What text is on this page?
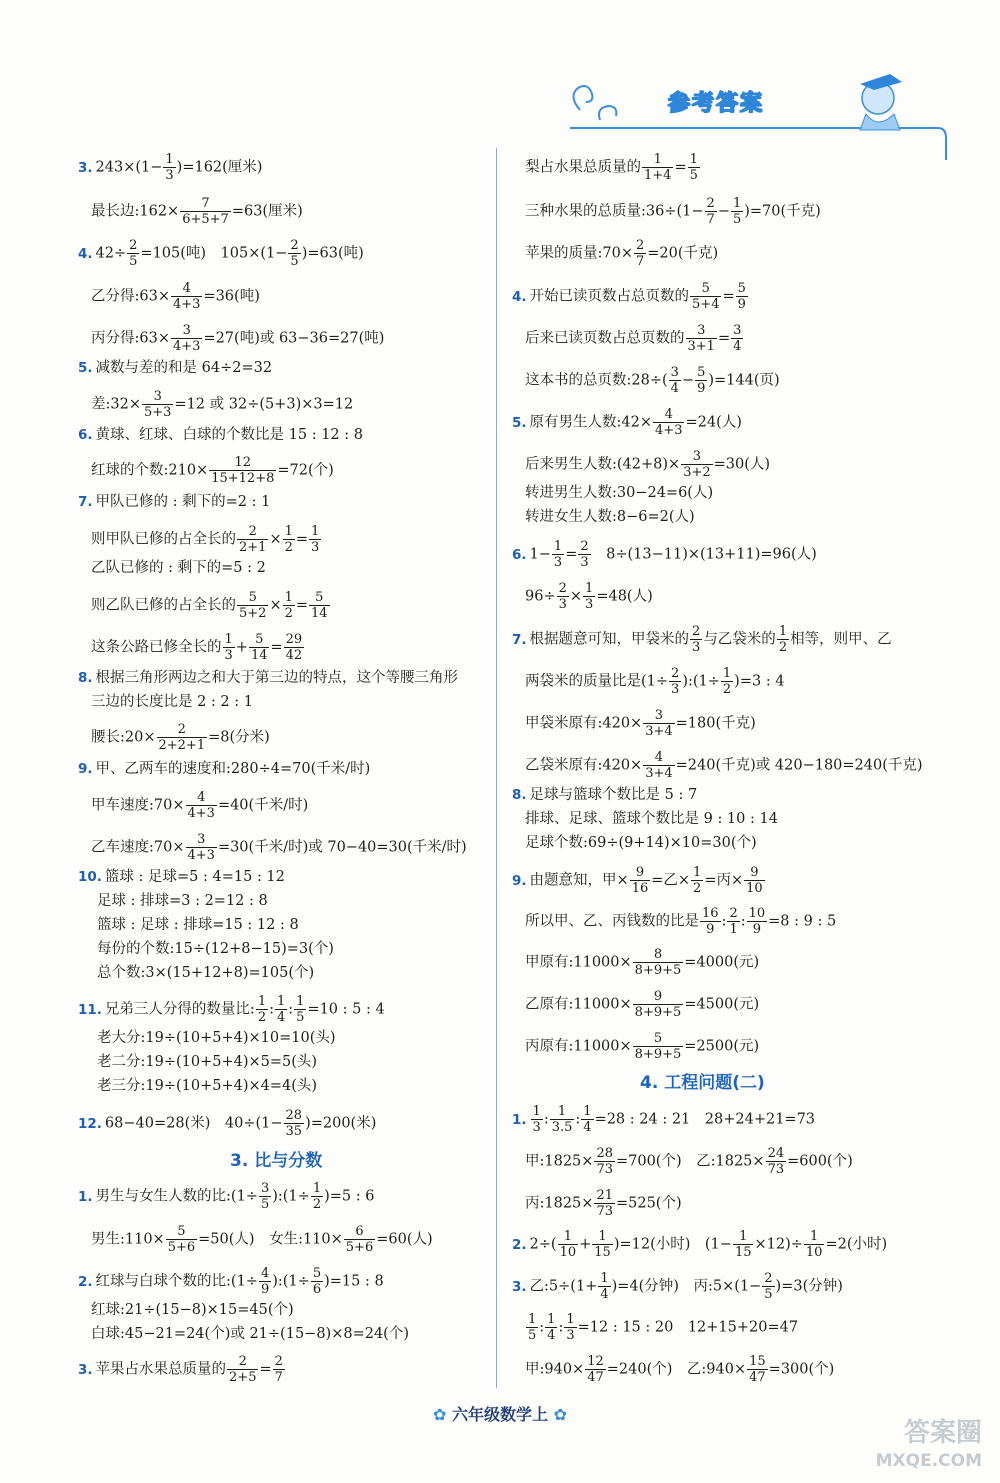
参考答案
3. $243\times(1- \frac{1}{3} )=162$(厘米)
最长边:162× $\frac{7}{6+5+7} =63$(厘米)
4. $42\div \frac{2}{5} =105$(吨)　$105\times(1- \frac{2}{5} )=63$(吨)
乙分得:63× $\frac{4}{4+3} =36$(吨)
丙分得:63× $\frac{3}{4+3} =27$(吨)或 63−36=27(吨)
5. 减数与差的和是 64÷2=32
差:32× $\frac{3}{5+3} =12$ 或 32÷(5+3)×3=12
6. 黄球、红球、白球的个数比是 15 : 12 : 8
红球的个数:210× $\frac{12}{15+12+8} =72$(个)
7. 甲队已修的 : 剩下的=2 : 1
则甲队已修的占全长的 $\frac{2}{2+1} \times \frac{1}{2} = \frac{1}{3}$
乙队已修的 : 剩下的=5 : 2
则乙队已修的占全长的 $\frac{5}{5+2} \times \frac{1}{2} = \frac{5}{14}$
这条公路已修全长的 $\frac{1}{3} + \frac{5}{14} = \frac{29}{42}$
8. 根据三角形两边之和大于第三边的特点，这个等腰三角形
三边的长度比是 2 : 2 : 1
腰长:20× $\frac{2}{2+2+1} =8$(分米)
9. 甲、乙两车的速度和:280÷4=70(千米/时)
甲车速度:70× $\frac{4}{4+3} =40$(千米/时)
乙车速度:70× $\frac{3}{4+3} =30$(千米/时)或 70−40=30(千米/时)
10. 篮球 : 足球=5 : 4=15 : 12
足球 : 排球=3 : 2=12 : 8
篮球 : 足球 : 排球=15 : 12 : 8
每份的个数:15÷(12+8−15)=3(个)
总个数:3×(15+12+8)=105(个)
11. 兄弟三人分得的数量比: $\frac{1}{2}$ : $\frac{1}{4}$ : $\frac{1}{5} =10$ : 5 : 4
老大分:19÷(10+5+4)×10=10(头)
老二分:19÷(10+5+4)×5=5(头)
老三分:19÷(10+5+4)×4=4(头)
12. 68−40=28(米)　$40\div(1- \frac{28}{35} )=200$(米)
3. 比与分数
1. 男生与女生人数的比:(1÷ $\frac{3}{5}$ ):(1÷ $\frac{1}{2} )=5$ : 6
男生:110× $\frac{5}{5+6} =50$(人)　女生:110× $\frac{6}{5+6} =60$(人)
2. 红球与白球个数的比:(1÷ $\frac{4}{9}$ ):(1÷ $\frac{5}{6} )=15$ : 8
红球:21÷(15−8)×15=45(个)
白球:45−21=24(个)或 21÷(15−8)×8=24(个)
3. 苹果占水果总质量的 $\frac{2}{2+5} = \frac{2}{7}$
梨占水果总质量的 $\frac{1}{1+4} = \frac{1}{5}$
三种水果的总质量:36÷(1− $\frac{2}{7} - \frac{1}{5} )=70$(千克)
苹果的质量:70× $\frac{2}{7} =20$(千克)
4. 开始已读页数占总页数的 $\frac{5}{5+4} = \frac{5}{9}$
后来已读页数占总页数的 $\frac{3}{3+1} = \frac{3}{4}$
这本书的总页数:28÷( $\frac{3}{4} - \frac{5}{9} )=144$(页)
5. 原有男生人数:42× $\frac{4}{4+3} =24$(人)
后来男生人数:(42+8)× $\frac{3}{3+2} =30$(人)
转进男生人数:30−24=6(人)
转进女生人数:8−6=2(人)
6. $1- \frac{1}{3} = \frac{2}{3}$ 　8÷(13−11)×(13+11)=96(人)
$96\div \frac{2}{3} \times \frac{1}{3} =48$(人)
7. 根据题意可知，甲袋米的 $\frac{2}{3}$ 与乙袋米的 $\frac{1}{2}$ 相等，则甲、乙
两袋米的质量比是($1\div \frac{2}{3}$ ):(1÷ $\frac{1}{2} )=3$ : 4
甲袋米原有:420× $\frac{3}{3+4} =180$(千克)
乙袋米原有:420× $\frac{4}{3+4} =240$(千克)或 420−180=240(千克)
8. 足球与篮球个数比是 5 : 7
排球、足球、篮球个数比是 9 : 10 : 14
足球个数:69÷(9+14)×10=30(个)
9. 由题意知，甲× $\frac{9}{16}$ =乙× $\frac{1}{2}$ =丙× $\frac{9}{10}$
所以甲、乙、丙钱数的比是 $\frac{16}{9}$ : $\frac{2}{1}$ : $\frac{10}{9} =8$ : 9 : 5
甲原有:11000× $\frac{8}{8+9+5} =4000$(元)
乙原有:11000× $\frac{9}{8+9+5} =4500$(元)
丙原有:11000× $\frac{5}{8+9+5} =2500$(元)
4. 工程问题(二)
1. $\frac{1}{3}$ : $\frac{1}{3.5}$ : $\frac{1}{4} =28$ : 24 : 21　28+24+21=73
甲:1825× $\frac{28}{73} =700$(个)　乙:1825× $\frac{24}{73} =600$(个)
丙:1825× $\frac{21}{73} =525$(个)
2. $2\div( \frac{1}{10} + \frac{1}{15} )=12$(小时)　$(1- \frac{1}{15} \times 12)\div \frac{1}{10} =2$(小时)
3. 乙:5÷(1+ $\frac{1}{4} )=4$(分钟)　丙:5×(1− $\frac{2}{5} )=3$(分钟)
$\frac{1}{5}$ : $\frac{1}{4}$ : $\frac{1}{3} =12$ : 15 : 20　12+15+20=47
甲:940× $\frac{12}{47} =240$(个)　乙:940× $\frac{15}{47} =300$(个)
✿ 六年级数学上 ✿
答案圈
MXQE.COM
